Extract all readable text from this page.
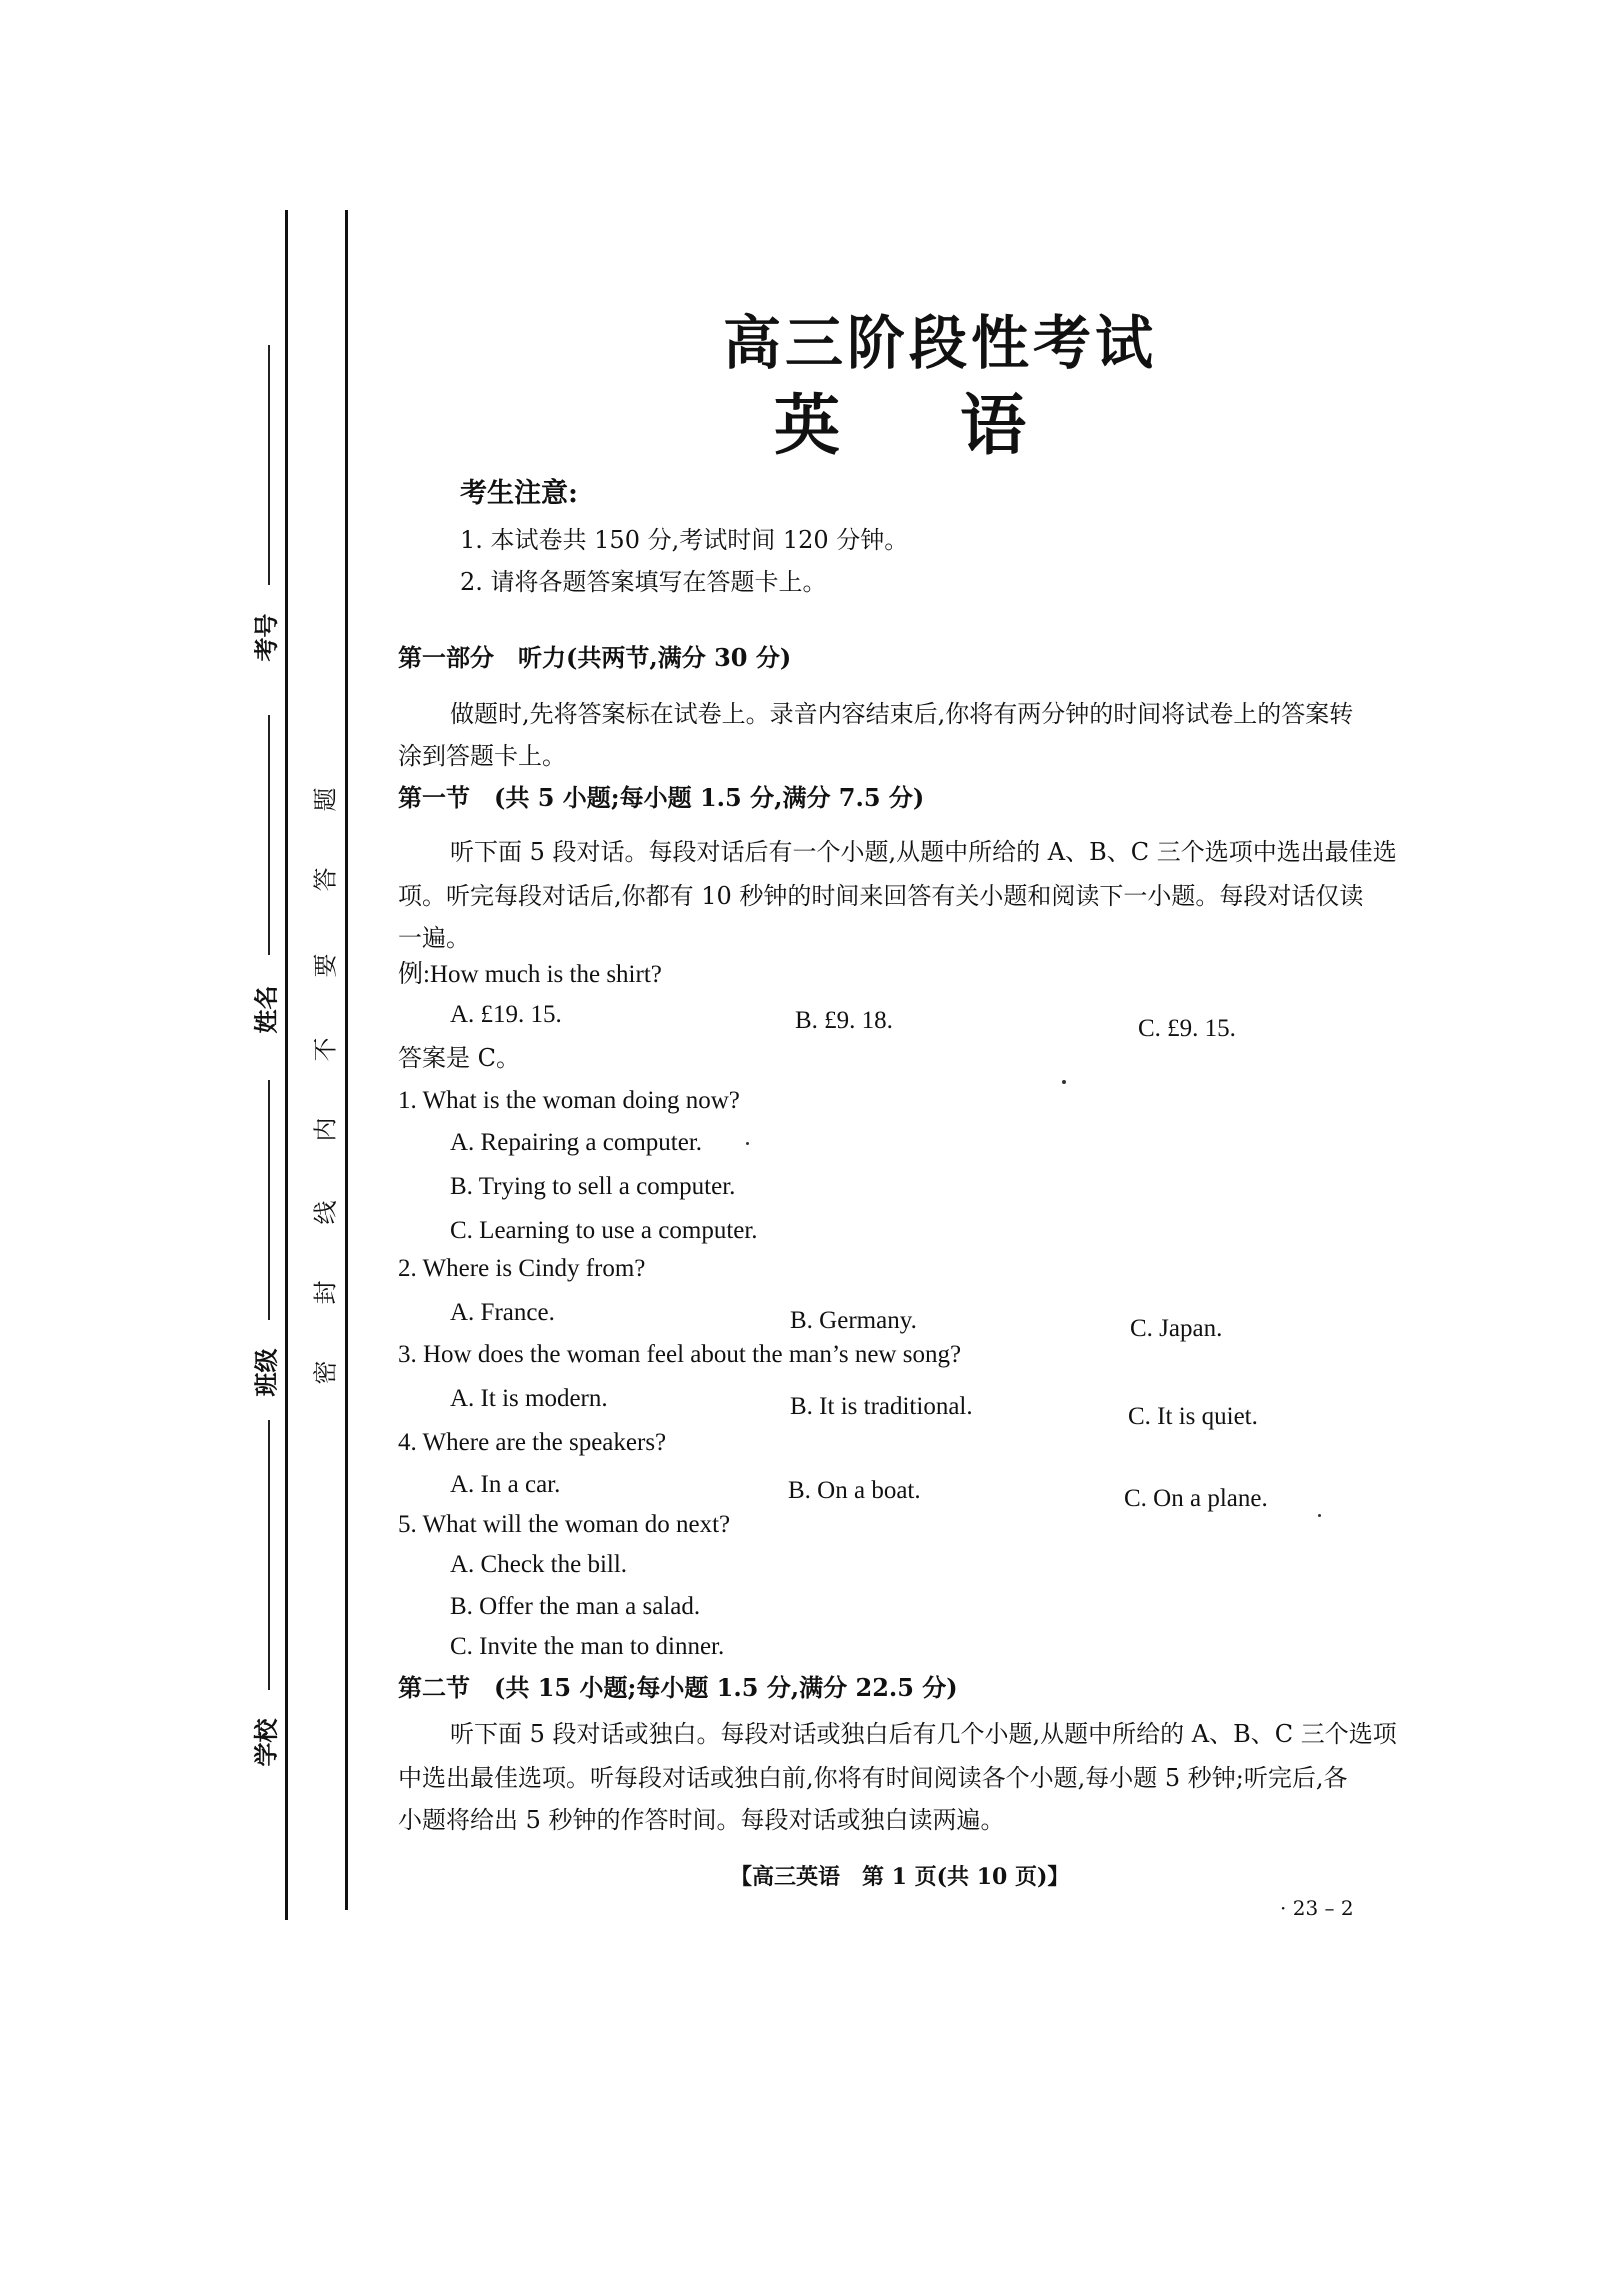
考号
姓名
班级
学校
题
答
要
不
内
线
封
密
高三阶段性考试
英语
考生注意:
1. 本试卷共 150 分,考试时间 120 分钟。
2. 请将各题答案填写在答题卡上。
第一部分　听力(共两节,满分 30 分)
做题时,先将答案标在试卷上。录音内容结束后,你将有两分钟的时间将试卷上的答案转
涂到答题卡上。
第一节　(共 5 小题;每小题 1.5 分,满分 7.5 分)
听下面 5 段对话。每段对话后有一个小题,从题中所给的 A、B、C 三个选项中选出最佳选
项。听完每段对话后,你都有 10 秒钟的时间来回答有关小题和阅读下一小题。每段对话仅读
一遍。
例:How much is the shirt?
A. £19. 15.	B. £9. 18.	C. £9. 15.
答案是 C。
1. What is the woman doing now?
A. Repairing a computer.
B. Trying to sell a computer.
C. Learning to use a computer.
2. Where is Cindy from?
A. France.	B. Germany.	C. Japan.
3. How does the woman feel about the man’s new song?
A. It is modern.	B. It is traditional.	C. It is quiet.
4. Where are the speakers?
A. In a car.	B. On a boat.	C. On a plane.
5. What will the woman do next?
A. Check the bill.
B. Offer the man a salad.
C. Invite the man to dinner.
第二节　(共 15 小题;每小题 1.5 分,满分 22.5 分)
听下面 5 段对话或独白。每段对话或独白后有几个小题,从题中所给的 A、B、C 三个选项
中选出最佳选项。听每段对话或独白前,你将有时间阅读各个小题,每小题 5 秒钟;听完后,各
小题将给出 5 秒钟的作答时间。每段对话或独白读两遍。
【高三英语　第 1 页(共 10 页)】
· 23 – 2
